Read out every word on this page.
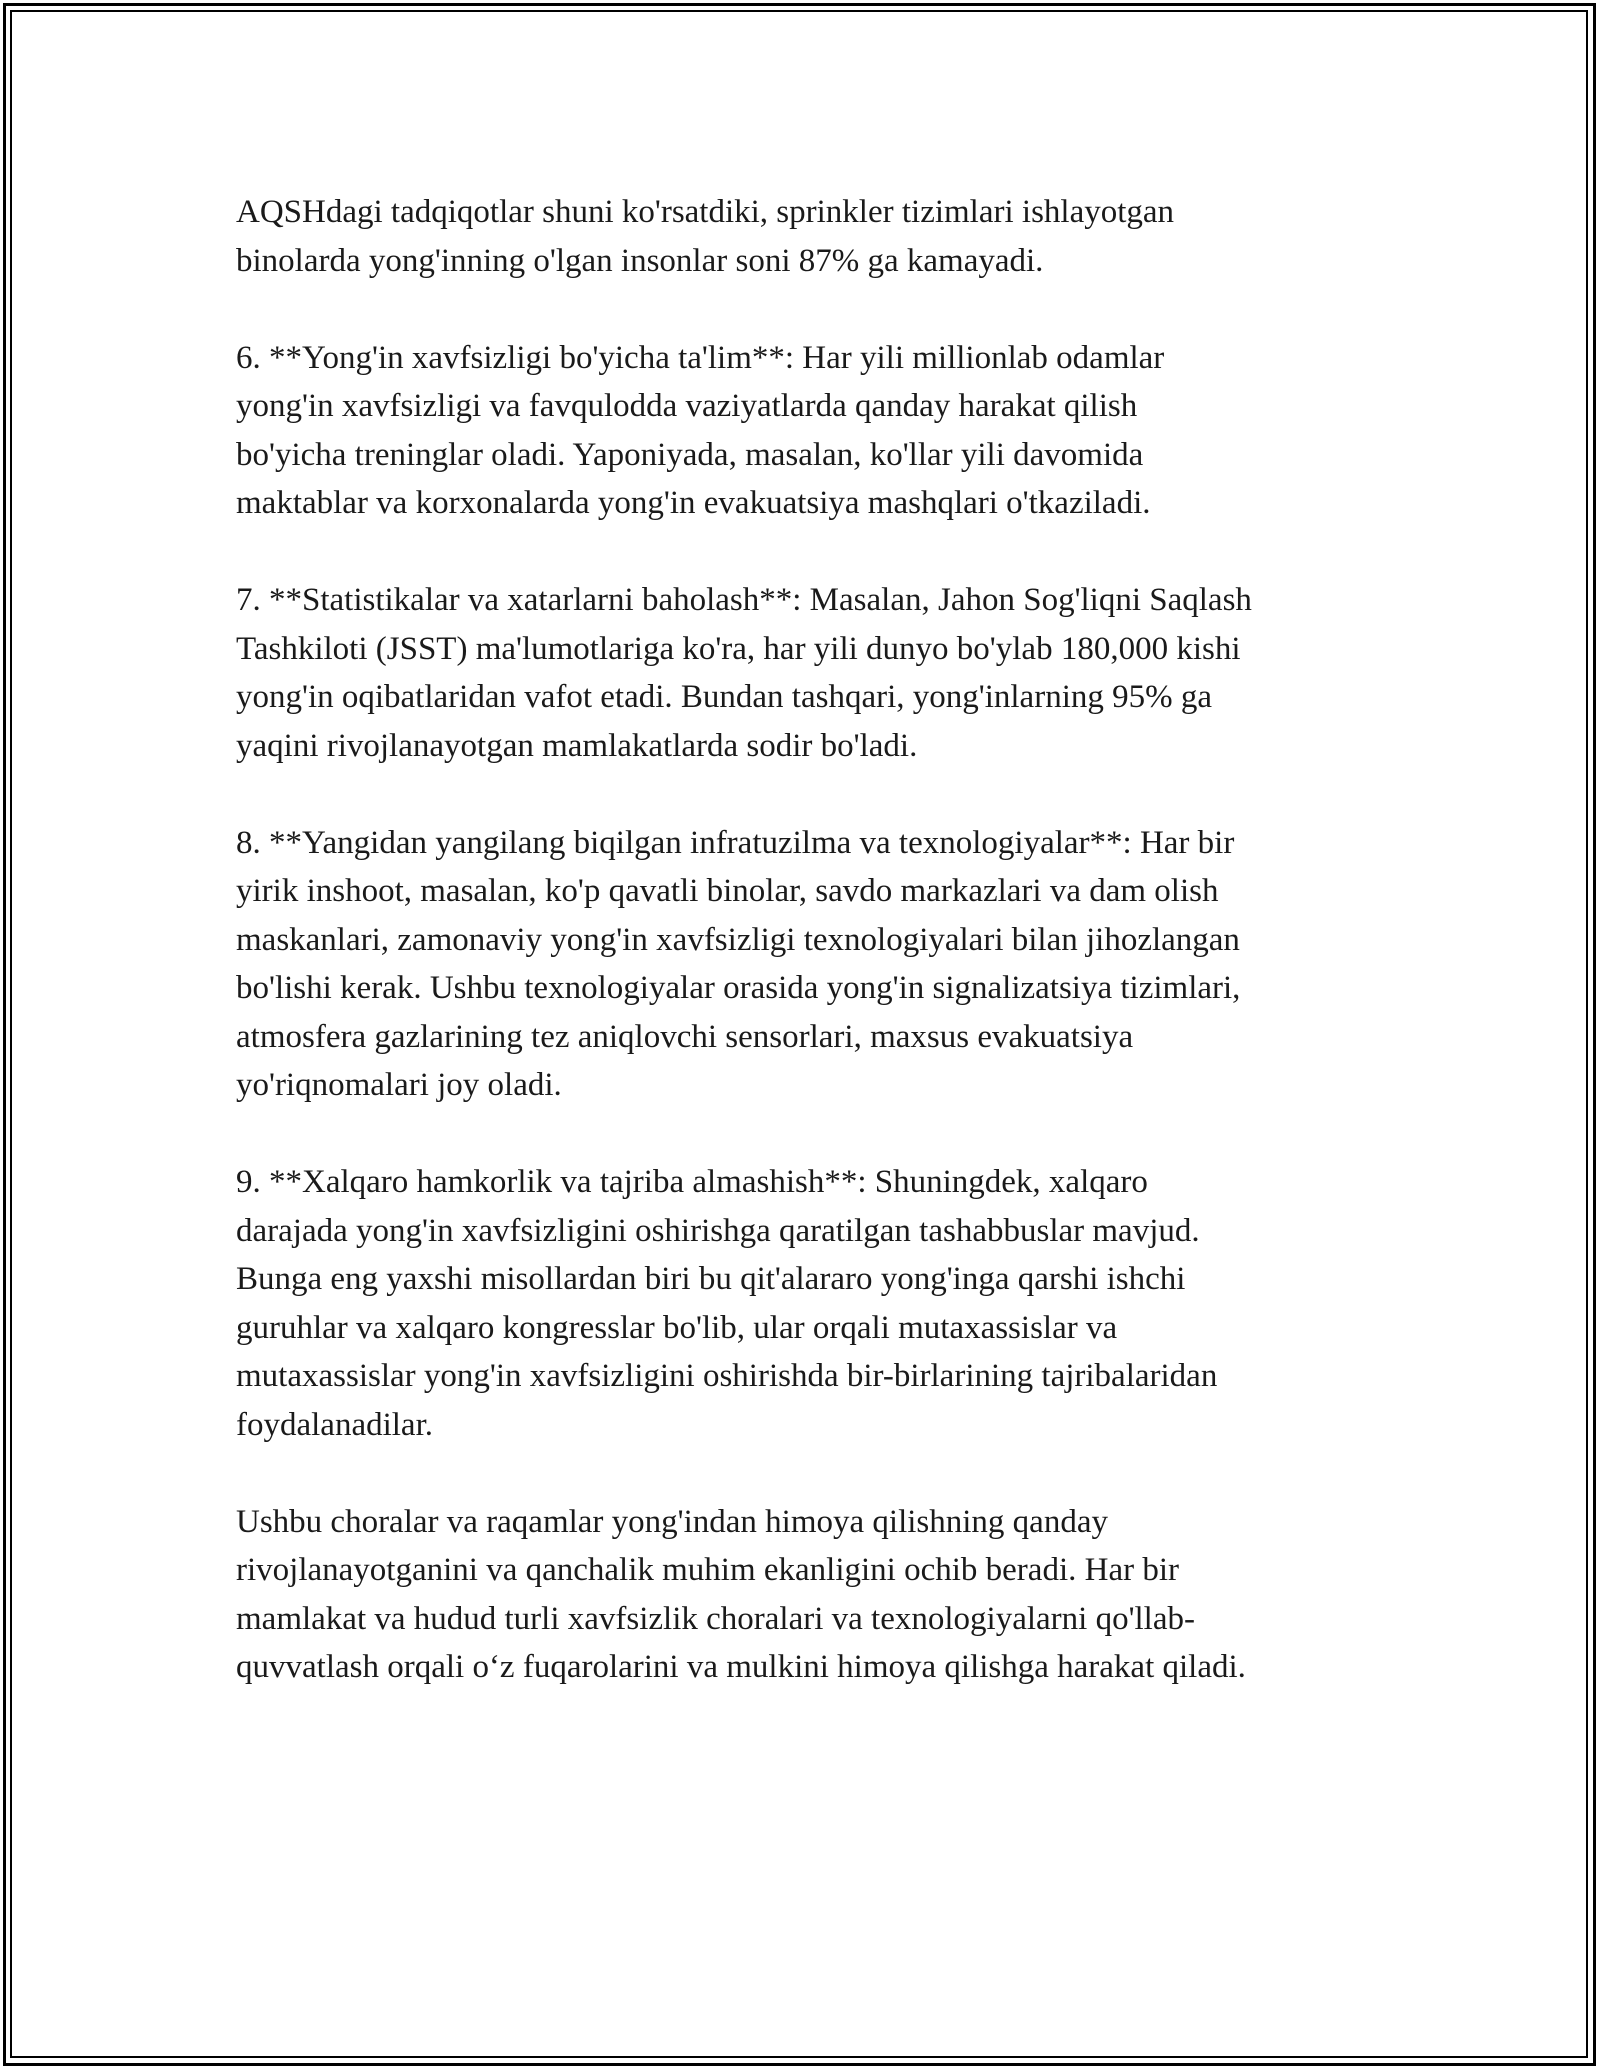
AQSHdagi tadqiqotlar shuni ko'rsatdiki, sprinkler tizimlari ishlayotgan
binolarda yong'inning o'lgan insonlar soni 87% ga kamayadi.

6. **Yong'in xavfsizligi bo'yicha ta'lim**: Har yili millionlab odamlar
yong'in xavfsizligi va favqulodda vaziyatlarda qanday harakat qilish
bo'yicha treninglar oladi. Yaponiyada, masalan, ko'llar yili davomida
maktablar va korxonalarda yong'in evakuatsiya mashqlari o'tkaziladi.

7. **Statistikalar va xatarlarni baholash**: Masalan, Jahon Sog'liqni Saqlash
Tashkiloti (JSST) ma'lumotlariga ko'ra, har yili dunyo bo'ylab 180,000 kishi
yong'in oqibatlaridan vafot etadi. Bundan tashqari, yong'inlarning 95% ga
yaqini rivojlanayotgan mamlakatlarda sodir bo'ladi.

8. **Yangidan yangilang biqilgan infratuzilma va texnologiyalar**: Har bir
yirik inshoot, masalan, ko'p qavatli binolar, savdo markazlari va dam olish
maskanlari, zamonaviy yong'in xavfsizligi texnologiyalari bilan jihozlangan
bo'lishi kerak. Ushbu texnologiyalar orasida yong'in signalizatsiya tizimlari,
atmosfera gazlarining tez aniqlovchi sensorlari, maxsus evakuatsiya
yo'riqnomalari joy oladi.

9. **Xalqaro hamkorlik va tajriba almashish**: Shuningdek, xalqaro
darajada yong'in xavfsizligini oshirishga qaratilgan tashabbuslar mavjud.
Bunga eng yaxshi misollardan biri bu qit'alararo yong'inga qarshi ishchi
guruhlar va xalqaro kongresslar bo'lib, ular orqali mutaxassislar va
mutaxassislar yong'in xavfsizligini oshirishda bir-birlarining tajribalaridan
foydalanadilar.

Ushbu choralar va raqamlar yong'indan himoya qilishning qanday
rivojlanayotganini va qanchalik muhim ekanligini ochib beradi. Har bir
mamlakat va hudud turli xavfsizlik choralari va texnologiyalarni qo'llab-
quvvatlash orqali o‘z fuqarolarini va mulkini himoya qilishga harakat qiladi.
